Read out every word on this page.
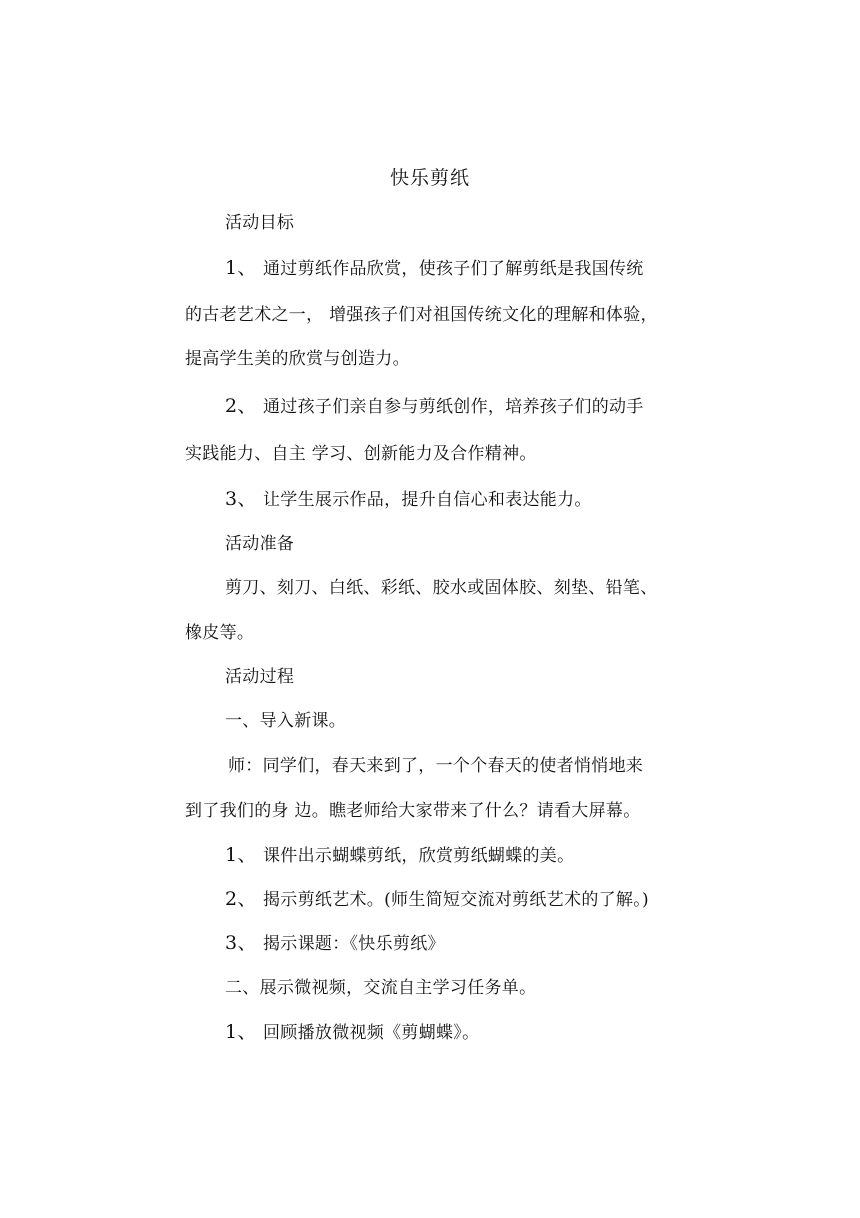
快乐剪纸
活动目标
1、 通过剪纸作品欣赏，使孩子们了解剪纸是我国传统
的古老艺术之一， 增强孩子们对祖国传统文化的理解和体验，
提高学生美的欣赏与创造力。
2、 通过孩子们亲自参与剪纸创作，培养孩子们的动手
实践能力、自主 学习、创新能力及合作精神。
3、 让学生展示作品，提升自信心和表达能力。
活动准备
剪刀、刻刀、白纸、彩纸、胶水或固体胶、刻垫、铅笔、
橡皮等。
活动过程
一、导入新课。
师：同学们，春天来到了，一个个春天的使者悄悄地来
到了我们的身 边。瞧老师给大家带来了什么？请看大屏幕。
1、 课件出示蝴蝶剪纸，欣赏剪纸蝴蝶的美。
2、 揭示剪纸艺术。(师生简短交流对剪纸艺术的了解。)
3、 揭示课题：《快乐剪纸》
二、展示微视频，交流自主学习任务单。
1、 回顾播放微视频《剪蝴蝶》。
